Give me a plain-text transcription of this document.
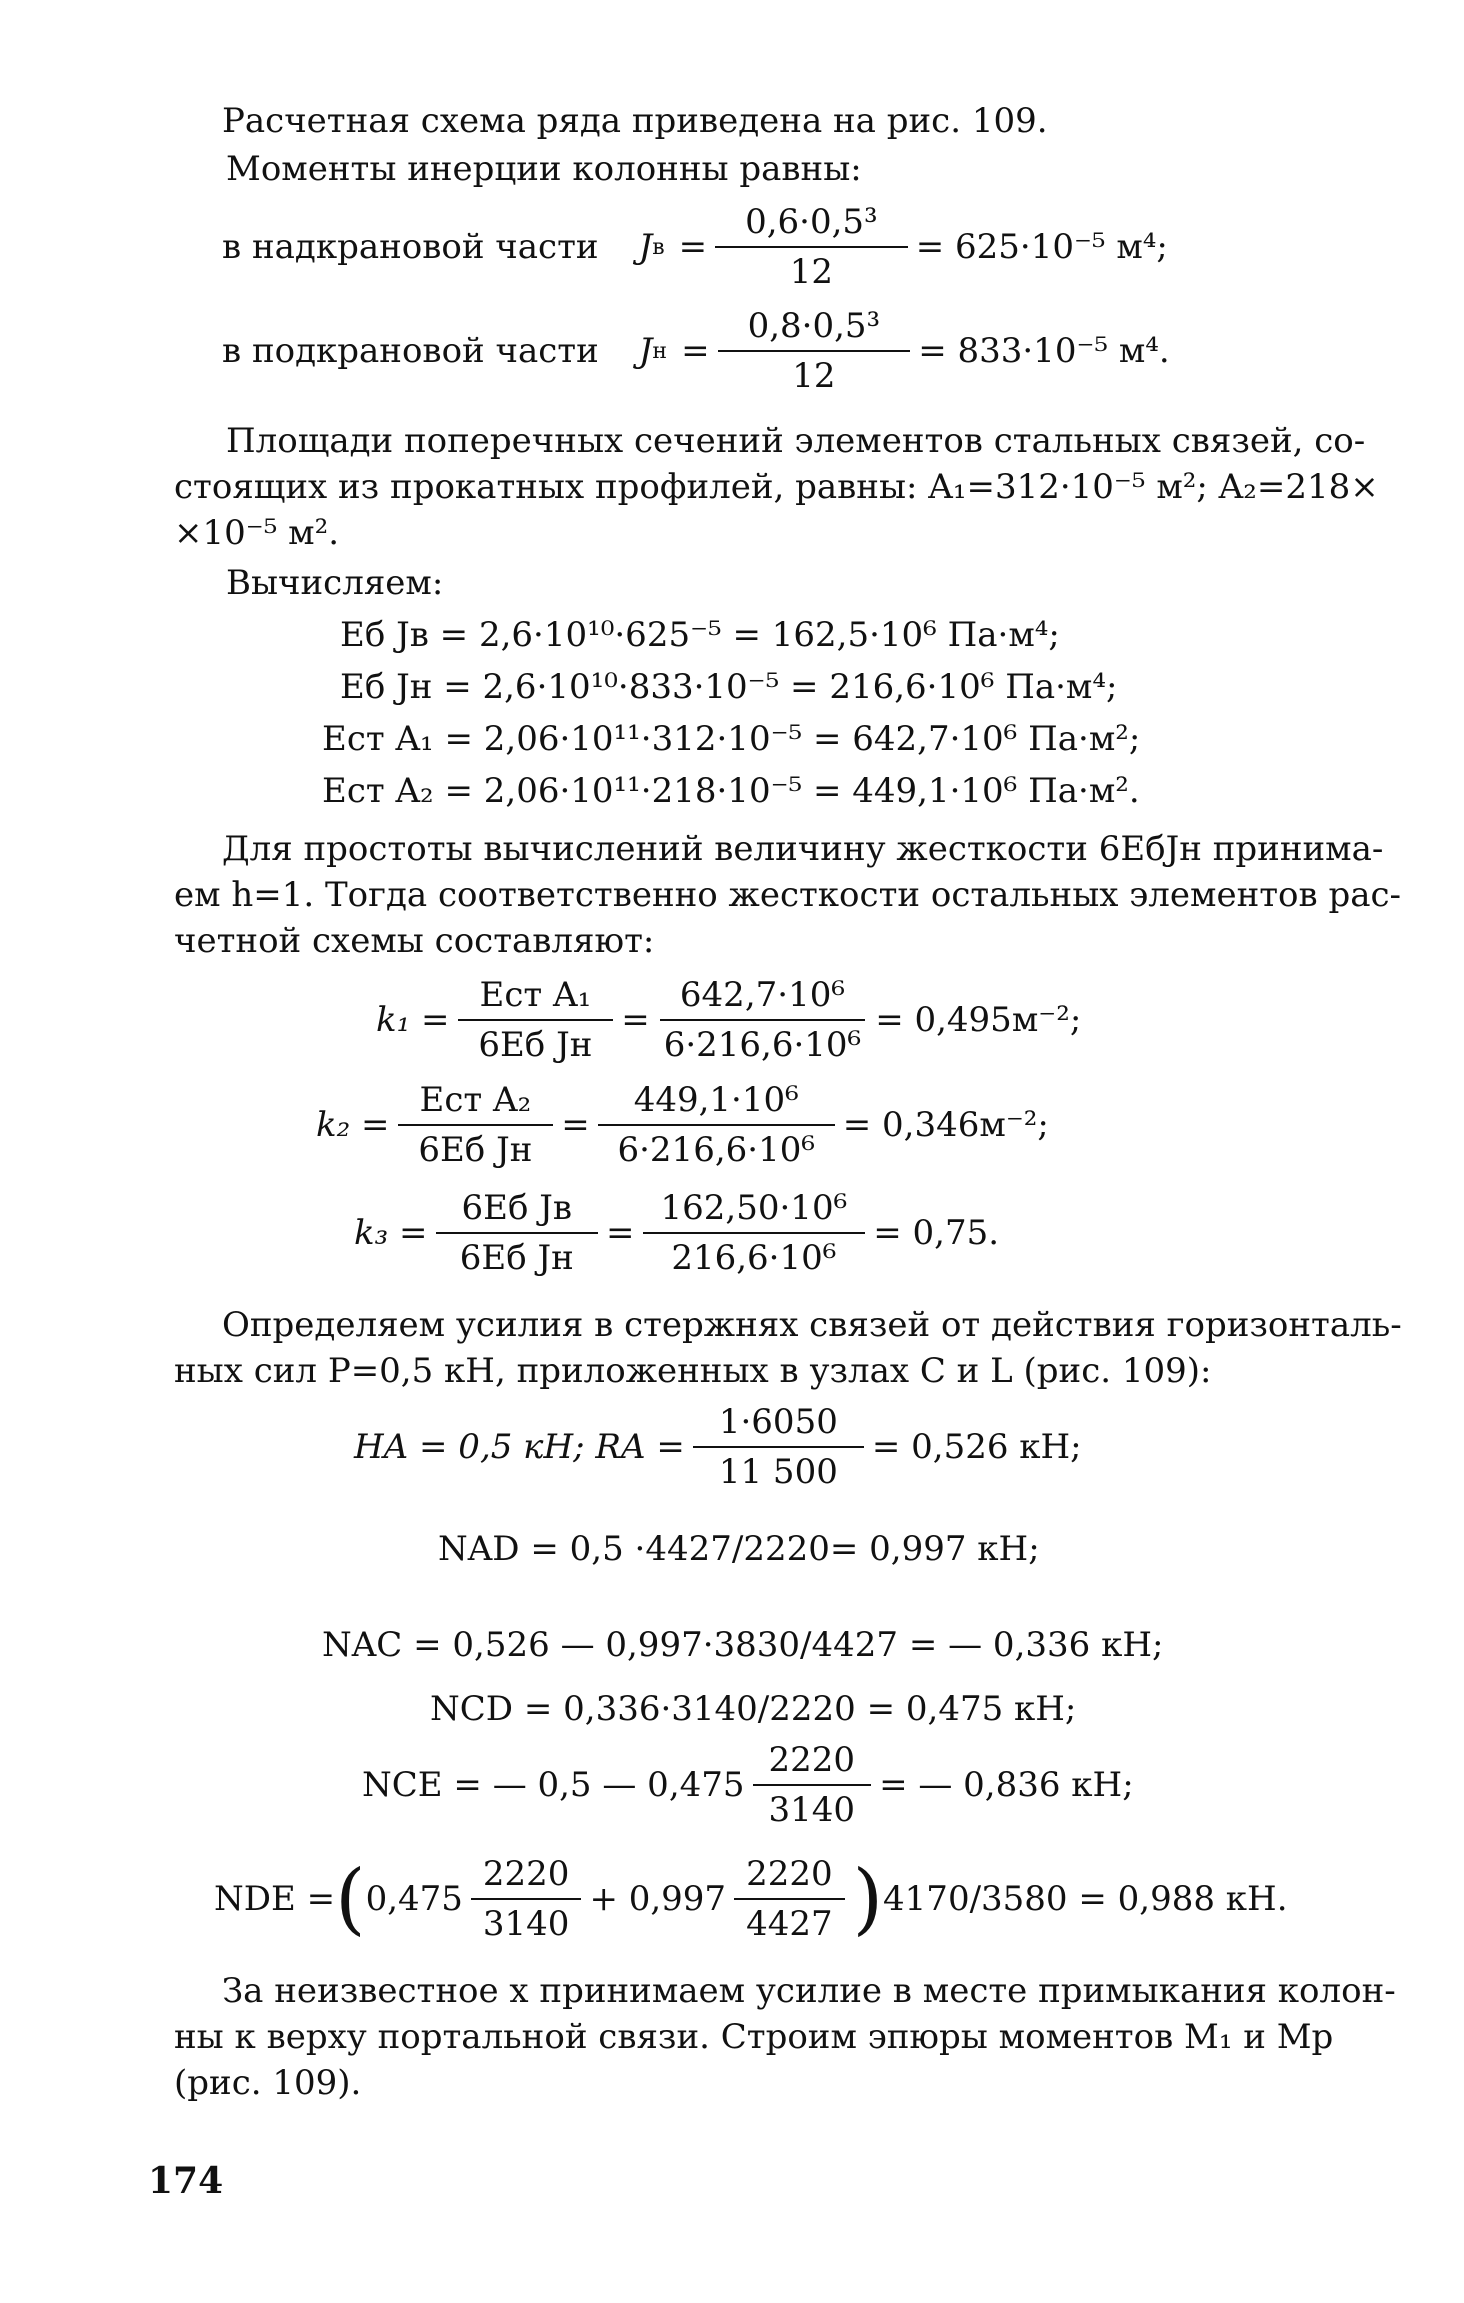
Расчетная схема ряда приведена на рис. 109.
Моменты инерции колонны равны:
в надкрановой части J $в = \frac{\text{0,6·0,5³}}{12} = 625\cdot 10^{-5}$ м⁴;
в подкрановой части J $н = \frac{\text{0,8·0,5³}}{12} = 833\cdot 10^{-5}$ м⁴.
Площади поперечных сечений элементов стальных связей, со-
стоящих из прокатных профилей, равны: A₁=312·10⁻⁵ м²; A₂=218×
×10⁻⁵ м².
Вычисляем:
Eб Jв = 2,6·10¹⁰·625⁻⁵ = 162,5·10⁶ Па·м⁴;
Eб Jн = 2,6·10¹⁰·833·10⁻⁵ = 216,6·10⁶ Па·м⁴;
Eст A₁ = 2,06·10¹¹·312·10⁻⁵ = 642,7·10⁶ Па·м²;
Eст A₂ = 2,06·10¹¹·218·10⁻⁵ = 449,1·10⁶ Па·м².
Для простоты вычислений величину жесткости 6EбJн принима-
ем h=1. Тогда соответственно жесткости остальных элементов рас-
четной схемы составляют:
$k_1 = \frac{\text{Eст A₁}}{\text{6Eб Jн}} = \frac{\text{642,7·10⁶}}{\text{6·216,6·10⁶}} = 0,495м^{-2}$;
$k_2 = \frac{\text{Eст A₂}}{\text{6Eб Jн}} = \frac{\text{449,1·10⁶}}{\text{6·216,6·10⁶}} = 0,346м^{-2}$;
$k_3 = \frac{\text{6Eб Jв}}{\text{6Eб Jн}} = \frac{\text{162,50·10⁶}}{\text{216,6·10⁶}} = 0,75$.
Определяем усилия в стержнях связей от действия горизонталь-
ных сил P=0,5 кН, приложенных в узлах C и L (рис. 109):
HA = 0,5 кН; RA = $\frac{1\cdot 6050}{11 500} = 0,526$ кН;
NAD = 0,5 ·4427/2220= 0,997 кН;
NAC = 0,526 — 0,997·3830/4427 = — 0,336 кН;
NCD = 0,336·3140/2220 = 0,475 кН;
NCE = — 0,5 — $0,475 \frac{2220}{3140}$ = — 0,836 кН;
NDE = ( $0,475 \frac{2220}{3140} + 0,997 \frac{2220}{4427}$ ) 4170/3580 = 0,988 кН.
За неизвестное x принимаем усилие в месте примыкания колон-
ны к верху портальной связи. Строим эпюры моментов M₁ и Mp
(рис. 109).
174
